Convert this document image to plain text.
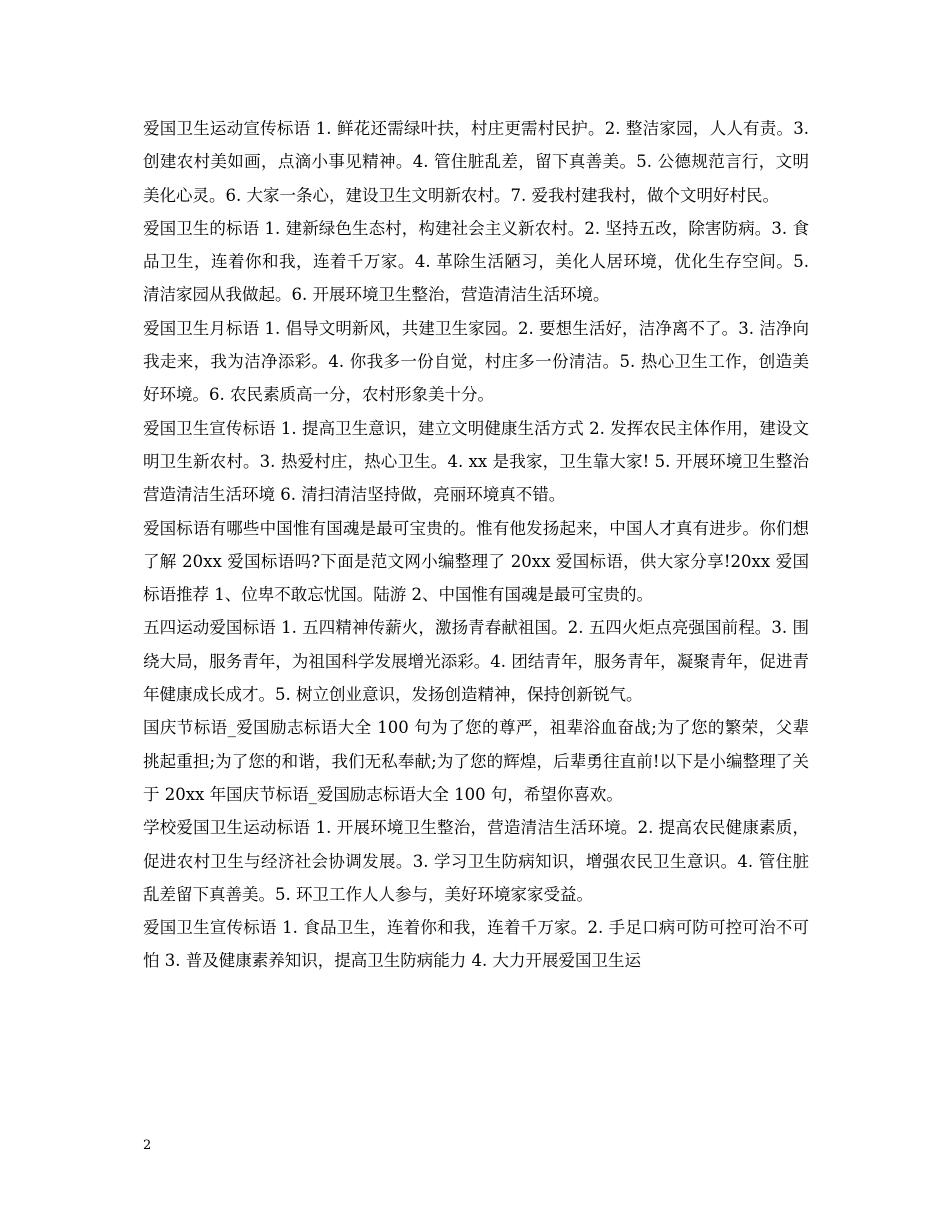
爱国卫生运动宣传标语 1. 鲜花还需绿叶扶，村庄更需村民护。2. 整洁家园，人人有责。3. 创建农村美如画，点滴小事见精神。4. 管住脏乱差，留下真善美。5. 公德规范言行，文明美化心灵。6. 大家一条心，建设卫生文明新农村。7. 爱我村建我村，做个文明好村民。

爱国卫生的标语 1. 建新绿色生态村，构建社会主义新农村。2. 坚持五改，除害防病。3. 食品卫生，连着你和我，连着千万家。4. 革除生活陋习，美化人居环境，优化生存空间。5. 清洁家园从我做起。6. 开展环境卫生整治，营造清洁生活环境。

爱国卫生月标语 1. 倡导文明新风，共建卫生家园。2. 要想生活好，洁净离不了。3. 洁净向我走来，我为洁净添彩。4. 你我多一份自觉，村庄多一份清洁。5. 热心卫生工作，创造美好环境。6. 农民素质高一分，农村形象美十分。

爱国卫生宣传标语 1. 提高卫生意识，建立文明健康生活方式 2. 发挥农民主体作用，建设文明卫生新农村。3. 热爱村庄，热心卫生。4. xx 是我家，卫生靠大家! 5. 开展环境卫生整治营造清洁生活环境 6. 清扫清洁坚持做，亮丽环境真不错。

爱国标语有哪些中国惟有国魂是最可宝贵的。惟有他发扬起来，中国人才真有进步。你们想了解 20xx 爱国标语吗?下面是范文网小编整理了 20xx 爱国标语，供大家分享!20xx 爱国标语推荐 1、位卑不敢忘忧国。陆游 2、中国惟有国魂是最可宝贵的。

五四运动爱国标语 1. 五四精神传薪火，激扬青春献祖国。2. 五四火炬点亮强国前程。3. 围绕大局，服务青年，为祖国科学发展增光添彩。4. 团结青年，服务青年，凝聚青年，促进青年健康成长成才。5. 树立创业意识，发扬创造精神，保持创新锐气。

国庆节标语_爱国励志标语大全 100 句为了您的尊严，祖辈浴血奋战;为了您的繁荣，父辈挑起重担;为了您的和谐，我们无私奉献;为了您的辉煌，后辈勇往直前!以下是小编整理了关于 20xx 年国庆节标语_爱国励志标语大全 100 句，希望你喜欢。

学校爱国卫生运动标语 1. 开展环境卫生整治，营造清洁生活环境。2. 提高农民健康素质，促进农村卫生与经济社会协调发展。3. 学习卫生防病知识，增强农民卫生意识。4. 管住脏乱差留下真善美。5. 环卫工作人人参与，美好环境家家受益。

爱国卫生宣传标语 1. 食品卫生，连着你和我，连着千万家。2. 手足口病可防可控可治不可怕 3. 普及健康素养知识，提高卫生防病能力 4. 大力开展爱国卫生运

2
